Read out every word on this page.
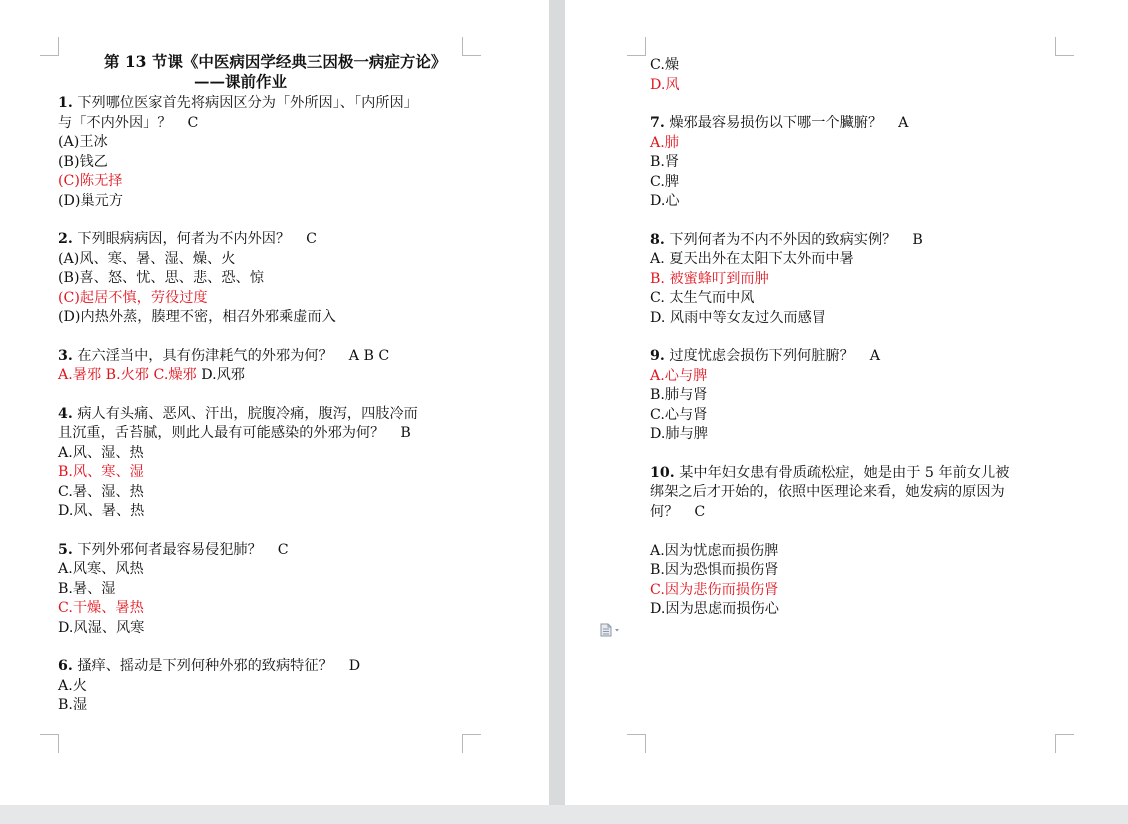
第 13 节课《中医病因学经典三因极一病症方论》
——课前作业
1. 下列哪位医家首先将病因区分为「外所因」、「内所因」
与「不内外因」？ C
(A)王冰
(B)钱乙
(C)陈无择
(D)巢元方
2. 下列眼病病因，何者为不内外因？ C
(A)风、寒、暑、湿、燥、火
(B)喜、怒、忧、思、悲、恐、惊
(C)起居不慎，劳役过度
(D)内热外蒸，腠理不密，相召外邪乘虚而入
3. 在六淫当中，具有伤津耗气的外邪为何？ A B C
A.暑邪 B.火邪 C.燥邪 D.风邪
4. 病人有头痛、恶风、汗出，脘腹冷痛，腹泻，四肢冷而
且沉重，舌苔腻，则此人最有可能感染的外邪为何？ B
A.风、湿、热
B.风、寒、湿
C.暑、湿、热
D.风、暑、热
5. 下列外邪何者最容易侵犯肺？ C
A.风寒、风热
B.暑、湿
C.干燥、暑热
D.风湿、风寒
6. 搔痒、摇动是下列何种外邪的致病特征？ D
A.火
B.湿
C.燥
D.风
7. 燥邪最容易损伤以下哪一个臟腑？ A
A.肺
B.肾
C.脾
D.心
8. 下列何者为不内不外因的致病实例？ B
A. 夏天出外在太阳下太外而中暑
B. 被蜜蜂叮到而肿
C. 太生气而中风
D. 风雨中等女友过久而感冒
9. 过度忧虑会损伤下列何脏腑？ A
A.心与脾
B.肺与肾
C.心与肾
D.肺与脾
10. 某中年妇女患有骨质疏松症，她是由于 5 年前女儿被
绑架之后才开始的，依照中医理论来看，她发病的原因为
何？ C
A.因为忧虑而损伤脾
B.因为恐惧而损伤肾
C.因为悲伤而损伤肾
D.因为思虑而损伤心
